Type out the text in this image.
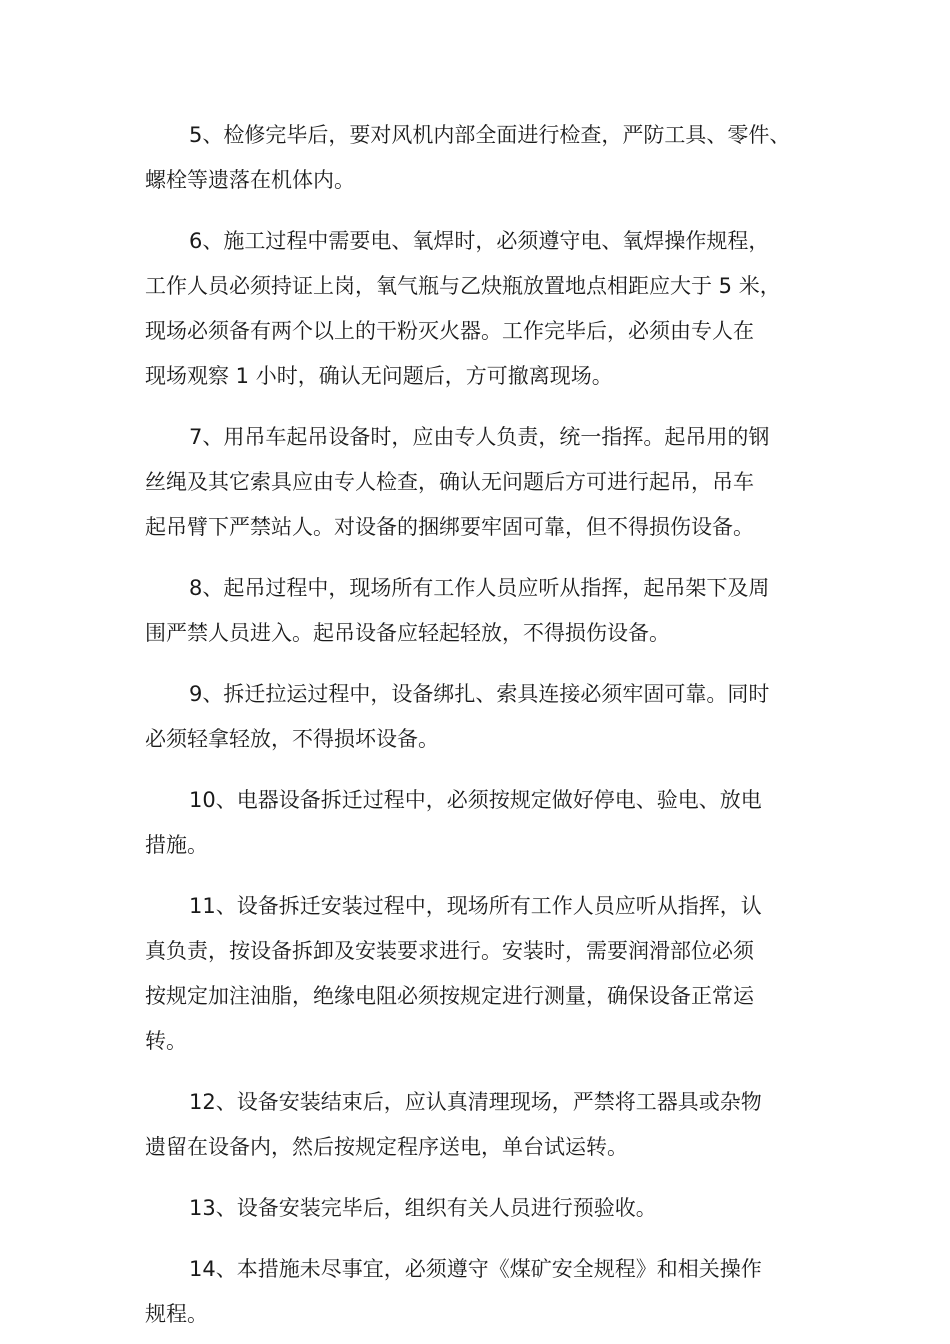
5、检修完毕后，要对风机内部全面进行检查，严防工具、零件、
螺栓等遗落在机体内。

6、施工过程中需要电、氧焊时，必须遵守电、氧焊操作规程，
工作人员必须持证上岗，氧气瓶与乙炔瓶放置地点相距应大于 5 米，
现场必须备有两个以上的干粉灭火器。工作完毕后，必须由专人在
现场观察 1 小时，确认无问题后，方可撤离现场。

7、用吊车起吊设备时，应由专人负责，统一指挥。起吊用的钢
丝绳及其它索具应由专人检查，确认无问题后方可进行起吊，吊车
起吊臂下严禁站人。对设备的捆绑要牢固可靠，但不得损伤设备。

8、起吊过程中，现场所有工作人员应听从指挥，起吊架下及周
围严禁人员进入。起吊设备应轻起轻放，不得损伤设备。

9、拆迁拉运过程中，设备绑扎、索具连接必须牢固可靠。同时
必须轻拿轻放，不得损坏设备。

10、电器设备拆迁过程中，必须按规定做好停电、验电、放电
措施。

11、设备拆迁安装过程中，现场所有工作人员应听从指挥，认
真负责，按设备拆卸及安装要求进行。安装时，需要润滑部位必须
按规定加注油脂，绝缘电阻必须按规定进行测量，确保设备正常运
转。

12、设备安装结束后，应认真清理现场，严禁将工器具或杂物
遗留在设备内，然后按规定程序送电，单台试运转。

13、设备安装完毕后，组织有关人员进行预验收。

14、本措施未尽事宜，必须遵守《煤矿安全规程》和相关操作
规程。
